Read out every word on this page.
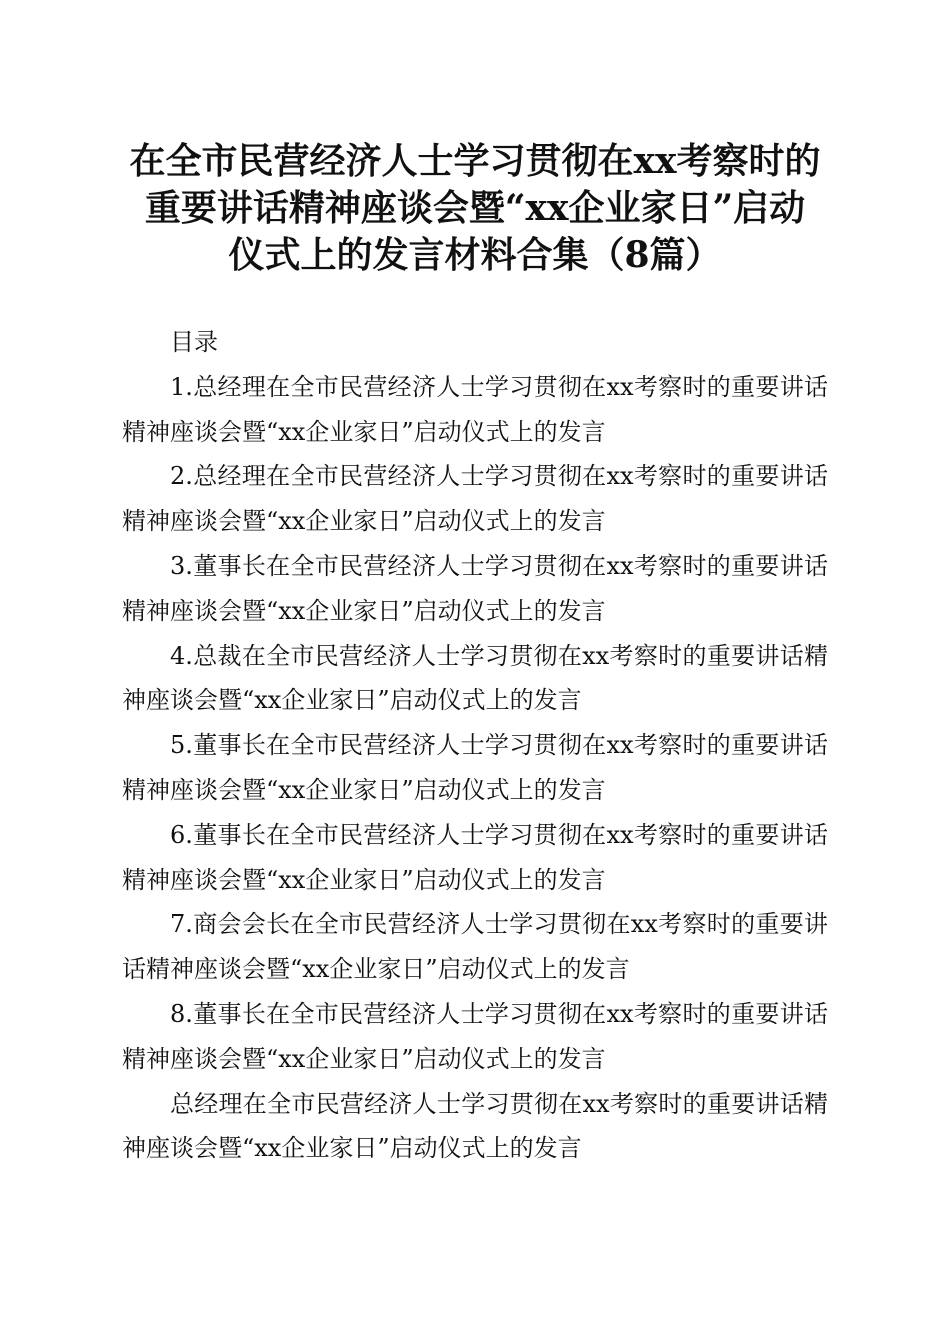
在全市民营经济人士学习贯彻在xx考察时的
重要讲话精神座谈会暨“xx企业家日”启动
仪式上的发言材料合集（8篇）

目录

1.总经理在全市民营经济人士学习贯彻在xx考察时的重要讲话精神座谈会暨“xx企业家日”启动仪式上的发言

2.总经理在全市民营经济人士学习贯彻在xx考察时的重要讲话精神座谈会暨“xx企业家日”启动仪式上的发言

3.董事长在全市民营经济人士学习贯彻在xx考察时的重要讲话精神座谈会暨“xx企业家日”启动仪式上的发言

4.总裁在全市民营经济人士学习贯彻在xx考察时的重要讲话精神座谈会暨“xx企业家日”启动仪式上的发言

5.董事长在全市民营经济人士学习贯彻在xx考察时的重要讲话精神座谈会暨“xx企业家日”启动仪式上的发言

6.董事长在全市民营经济人士学习贯彻在xx考察时的重要讲话精神座谈会暨“xx企业家日”启动仪式上的发言

7.商会会长在全市民营经济人士学习贯彻在xx考察时的重要讲话精神座谈会暨“xx企业家日”启动仪式上的发言

8.董事长在全市民营经济人士学习贯彻在xx考察时的重要讲话精神座谈会暨“xx企业家日”启动仪式上的发言

总经理在全市民营经济人士学习贯彻在xx考察时的重要讲话精神座谈会暨“xx企业家日”启动仪式上的发言
